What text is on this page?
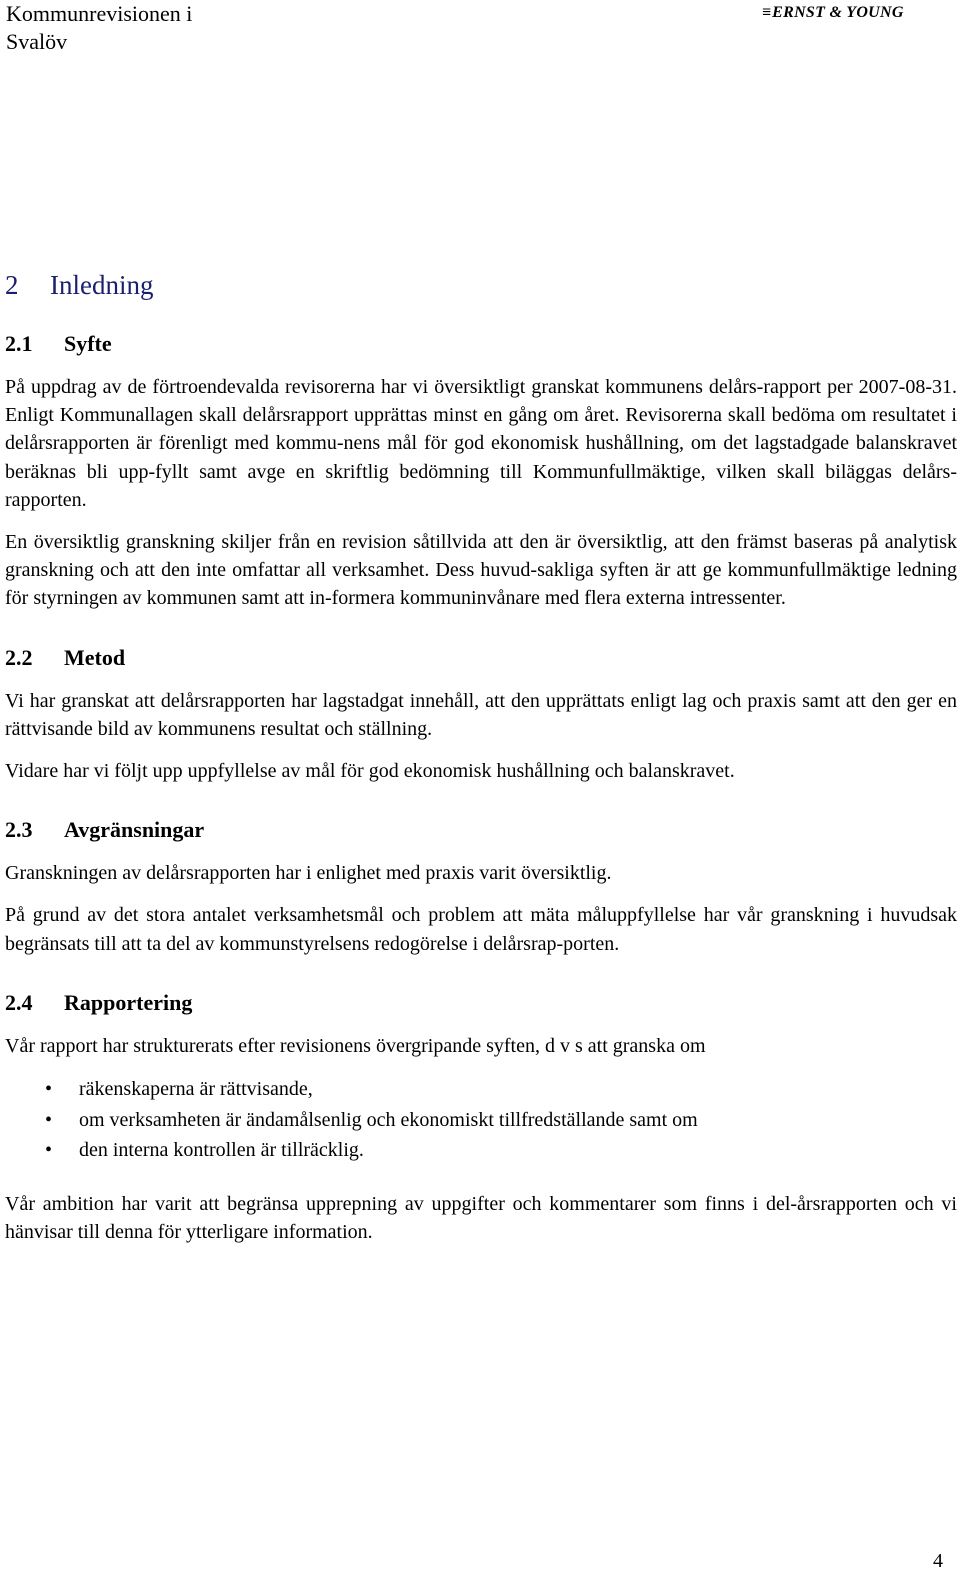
Kommunrevisionen i
Svalöv
≡ ERNST & YOUNG
2 Inledning
2.1 Syfte

På uppdrag av de förtroendevalda revisorerna har vi översiktligt granskat kommunens delårs-rapport per 2007-08-31. Enligt Kommunallagen skall delårsrapport upprättas minst en gång om året. Revisorerna skall bedöma om resultatet i delårsrapporten är förenligt med kommu-nens mål för god ekonomisk hushållning, om det lagstadgade balanskravet beräknas bli upp-fyllt samt avge en skriftlig bedömning till Kommunfullmäktige, vilken skall biläggas delårs-rapporten.

En översiktlig granskning skiljer från en revision såtillvida att den är översiktlig, att den främst baseras på analytisk granskning och att den inte omfattar all verksamhet. Dess huvud-sakliga syften är att ge kommunfullmäktige ledning för styrningen av kommunen samt att in-formera kommuninvånare med flera externa intressenter.

2.2 Metod

Vi har granskat att delårsrapporten har lagstadgat innehåll, att den upprättats enligt lag och praxis samt att den ger en rättvisande bild av kommunens resultat och ställning.

Vidare har vi följt upp uppfyllelse av mål för god ekonomisk hushållning och balanskravet.

2.3 Avgränsningar

Granskningen av delårsrapporten har i enlighet med praxis varit översiktlig.

På grund av det stora antalet verksamhetsmål och problem att mäta måluppfyllelse har vår granskning i huvudsak begränsats till att ta del av kommunstyrelsens redogörelse i delårsrap-porten.

2.4 Rapportering

Vår rapport har strukturerats efter revisionens övergripande syften, d v s att granska om

• räkenskaperna är rättvisande,
• om verksamheten är ändamålsenlig och ekonomiskt tillfredställande samt om
• den interna kontrollen är tillräcklig.

Vår ambition har varit att begränsa upprepning av uppgifter och kommentarer som finns i del-årsrapporten och vi hänvisar till denna för ytterligare information.

4
